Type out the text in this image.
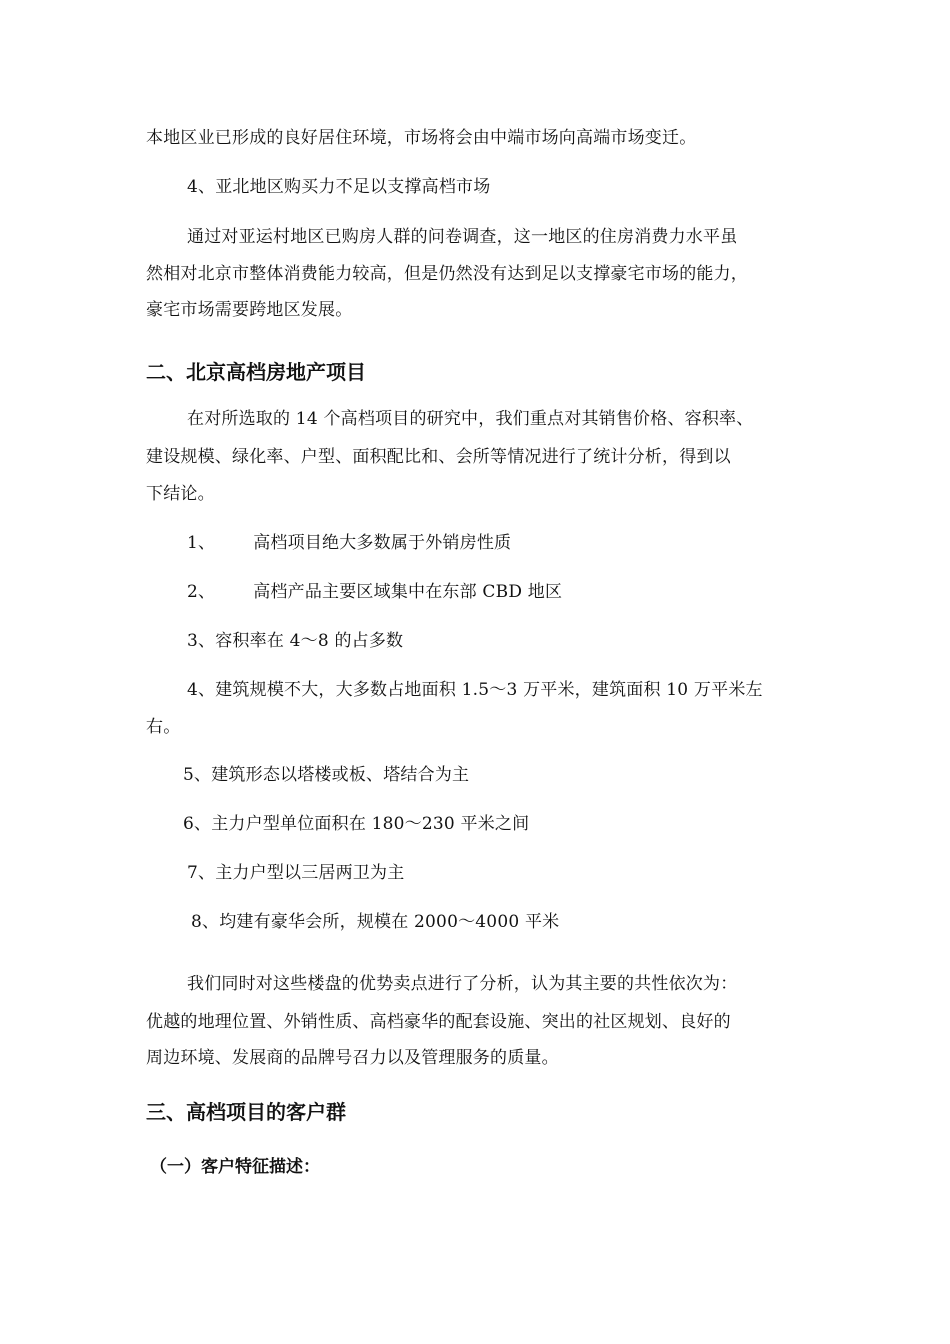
本地区业已形成的良好居住环境，市场将会由中端市场向高端市场变迁。
4、亚北地区购买力不足以支撑高档市场
通过对亚运村地区已购房人群的问卷调查，这一地区的住房消费力水平虽
然相对北京市整体消费能力较高，但是仍然没有达到足以支撑豪宅市场的能力，
豪宅市场需要跨地区发展。
二、北京高档房地产项目
在对所选取的 14 个高档项目的研究中，我们重点对其销售价格、容积率、
建设规模、绿化率、户型、面积配比和、会所等情况进行了统计分析，得到以
下结论。
1、 高档项目绝大多数属于外销房性质
2、 高档产品主要区域集中在东部 CBD 地区
3、容积率在 4～8 的占多数
4、建筑规模不大，大多数占地面积 1.5～3 万平米，建筑面积 10 万平米左
右。
5、建筑形态以塔楼或板、塔结合为主
6、主力户型单位面积在 180～230 平米之间
7、主力户型以三居两卫为主
8、均建有豪华会所，规模在 2000～4000 平米
我们同时对这些楼盘的优势卖点进行了分析，认为其主要的共性依次为：
优越的地理位置、外销性质、高档豪华的配套设施、突出的社区规划、良好的
周边环境、发展商的品牌号召力以及管理服务的质量。
三、高档项目的客户群
（一）客户特征描述：
